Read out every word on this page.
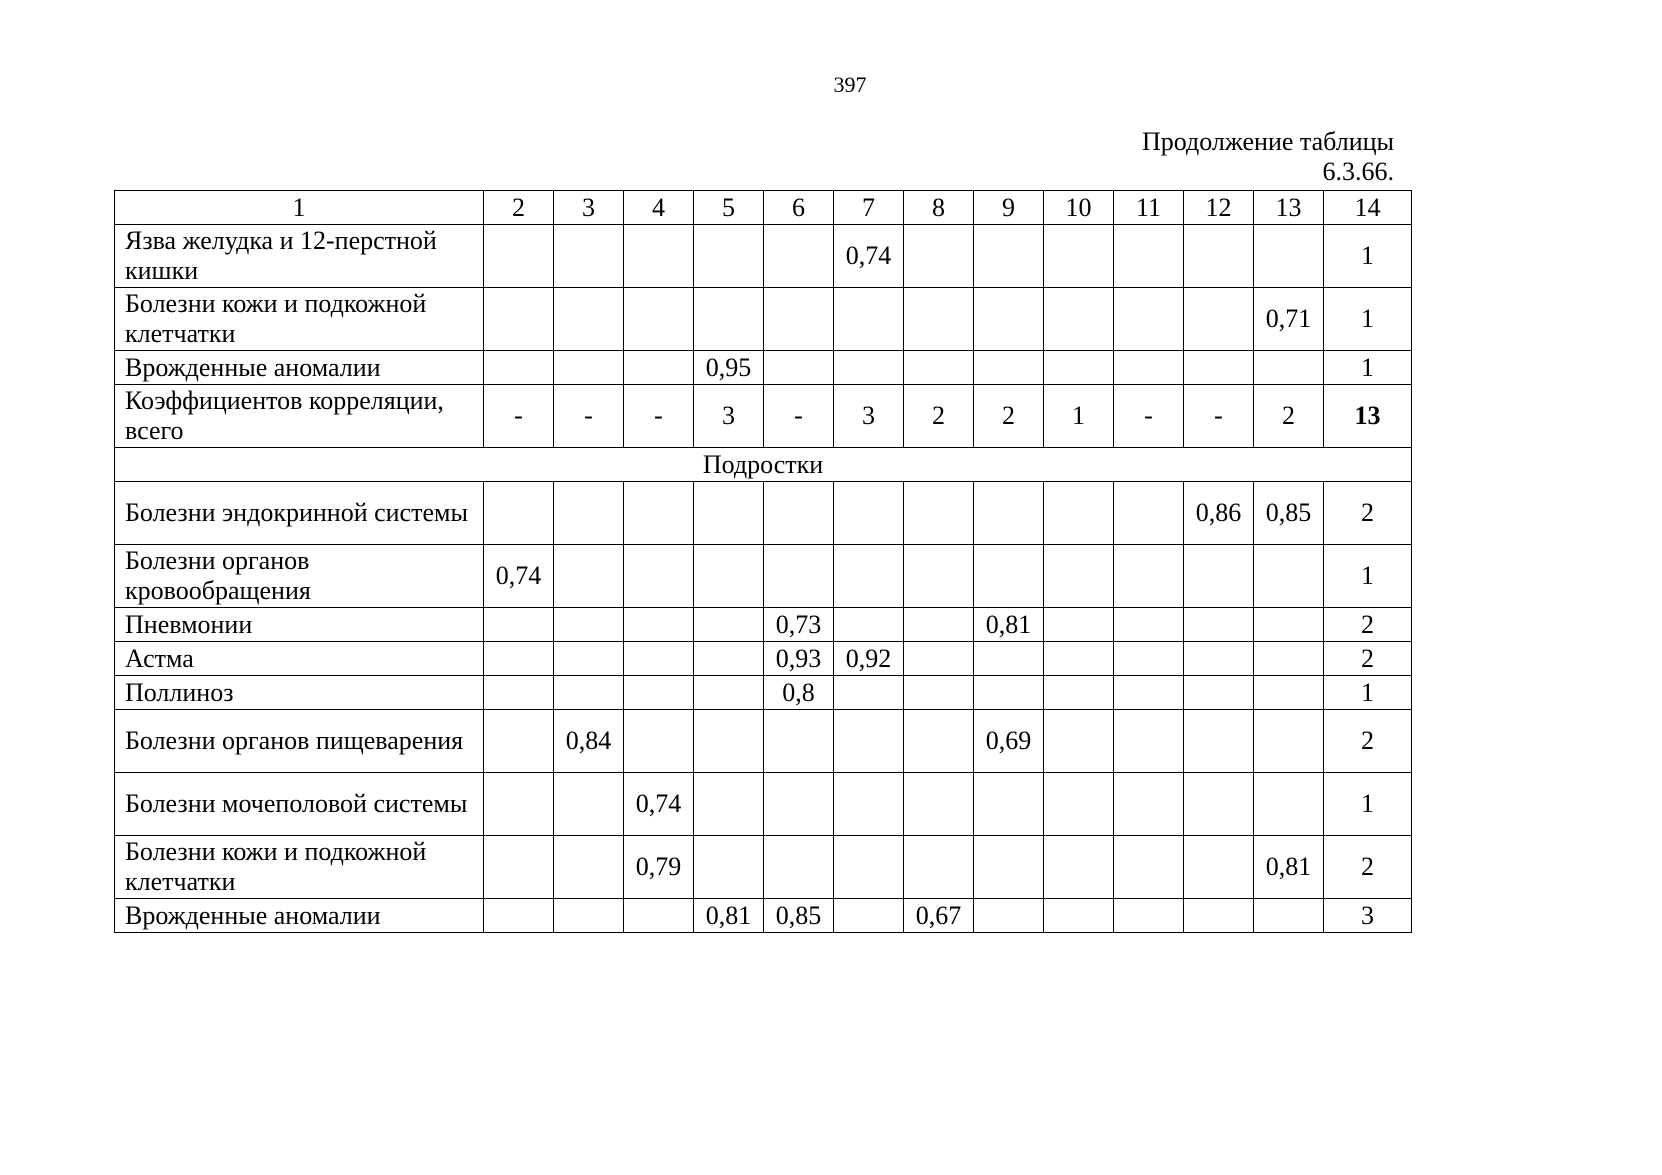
397
Продолжение таблицы
6.3.66.
1	2	3	4	5	6	7	8	9	10	11	12	13	14
Язва желудка и 12-перстной кишки						0,74							1
Болезни кожи и подкожной клетчатки												0,71	1
Врожденные аномалии				0,95									1
Коэффициентов корреляции, всего	-	-	-	3	-	3	2	2	1	-	-	2	13
Подростки													
Болезни эндокринной системы											0,86	0,85	2
Болезни органов кровообращения	0,74												1
Пневмонии					0,73			0,81					2
Астма					0,93	0,92							2
Поллиноз					0,8								1
Болезни органов пищеварения		0,84						0,69					2
Болезни мочеполовой системы			0,74										1
Болезни кожи и подкожной клетчатки			0,79									0,81	2
Врожденные аномалии				0,81	0,85		0,67						3
